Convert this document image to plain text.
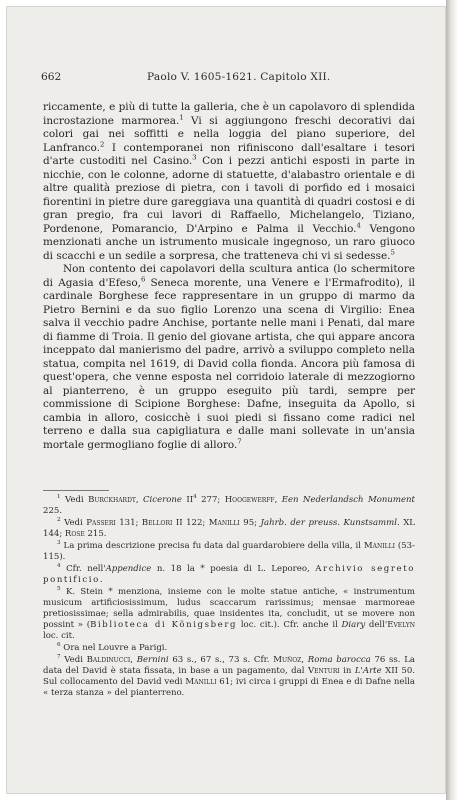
662	Paolo V. 1605-1621. Capitolo XII.

riccamente, e più di tutte la galleria, che è un capolavoro di splendida incrostazione marmorea.$^1$ Vi si aggiungono freschi decorativi dai colori gai nei soffitti e nella loggia del piano superiore, del Lanfranco.$^2$ I contemporanei non rifiniscono dall'esaltare i tesori d'arte custoditi nel Casino.$^3$ Con i pezzi antichi esposti in parte in nicchie, con le colonne, adorne di statuette, d'alabastro orientale e di altre qualità preziose di pietra, con i tavoli di porfido ed i mosaici fiorentini in pietre dure gareggiava una quantità di quadri costosi e di gran pregio, fra cui lavori di Raffaello, Michelangelo, Tiziano, Pordenone, Pomarancio, D'Arpino e Palma il Vecchio.$^4$ Vengono menzionati anche un istrumento musicale ingegnoso, un raro giuoco di scacchi e un sedile a sorpresa, che tratteneva chi vi si sedesse.$^5$

Non contento dei capolavori della scultura antica (lo schermitore di Agasia d'Efeso,$^6$ Seneca morente, una Venere e l'Ermafrodito), il cardinale Borghese fece rappresentare in un gruppo di marmo da Pietro Bernini e da suo figlio Lorenzo una scena di Virgilio: Enea salva il vecchio padre Anchise, portante nelle mani i Penati, dal mare di fiamme di Troia. Il genio del giovane artista, che qui appare ancora inceppato dal manierismo del padre, arrivò a sviluppo completo nella statua, compita nel 1619, di David colla fionda. Ancora più famosa di quest'opera, che venne esposta nel corridoio laterale di mezzogiorno al pianterreno, è un gruppo eseguito più tardi, sempre per commissione di Scipione Borghese: Dafne, inseguita da Apollo, si cambia in alloro, cosicchè i suoi piedi si fissano come radici nel terreno e dalla sua capigliatura e dalle mani sollevate in un'ansia mortale germogliano foglie di alloro.$^7$

$^1$ Vedi Burckhardt, Cicerone $II^4$ 277; Hoogewerff, Een Nederlandsch Monument 225.

$^2$ Vedi Passeri 131; Bellori II 122; Manilli 95; Jahrb. der preuss. Kunstsamml. XL 144; Rose 215.

$^3$ La prima descrizione precisa fu data dal guardarobiere della villa, il Manilli (53-115).

$^4$ Cfr. nell'Appendice n. 18 la * poesia di L. Leporeo, Archivio segreto pontificio.

$^5$ K. Stein * menziona, insieme con le molte statue antiche, « instrumentum musicum artificiosissimum, ludus scaccarum rarissimus; mensae marmoreae pretiosissimae; sella admirabilis, quae insidentes ita, concludit, ut se movere non possint » (Biblioteca di Königsberg loc. cit.). Cfr. anche il Diary dell'Evelyn loc. cit.

$^6$ Ora nel Louvre a Parigi.

$^7$ Vedi Baldinucci, Bernini 63 s., 67 s., 73 s. Cfr. Muñoz, Roma barocca 76 ss. La data del David è stata fissata, in base a un pagamento, dal Venturi in L'Arte XII 50. Sul collocamento del David vedi Manilli 61; ivi circa i gruppi di Enea e di Dafne nella « terza stanza » del pianterreno.
